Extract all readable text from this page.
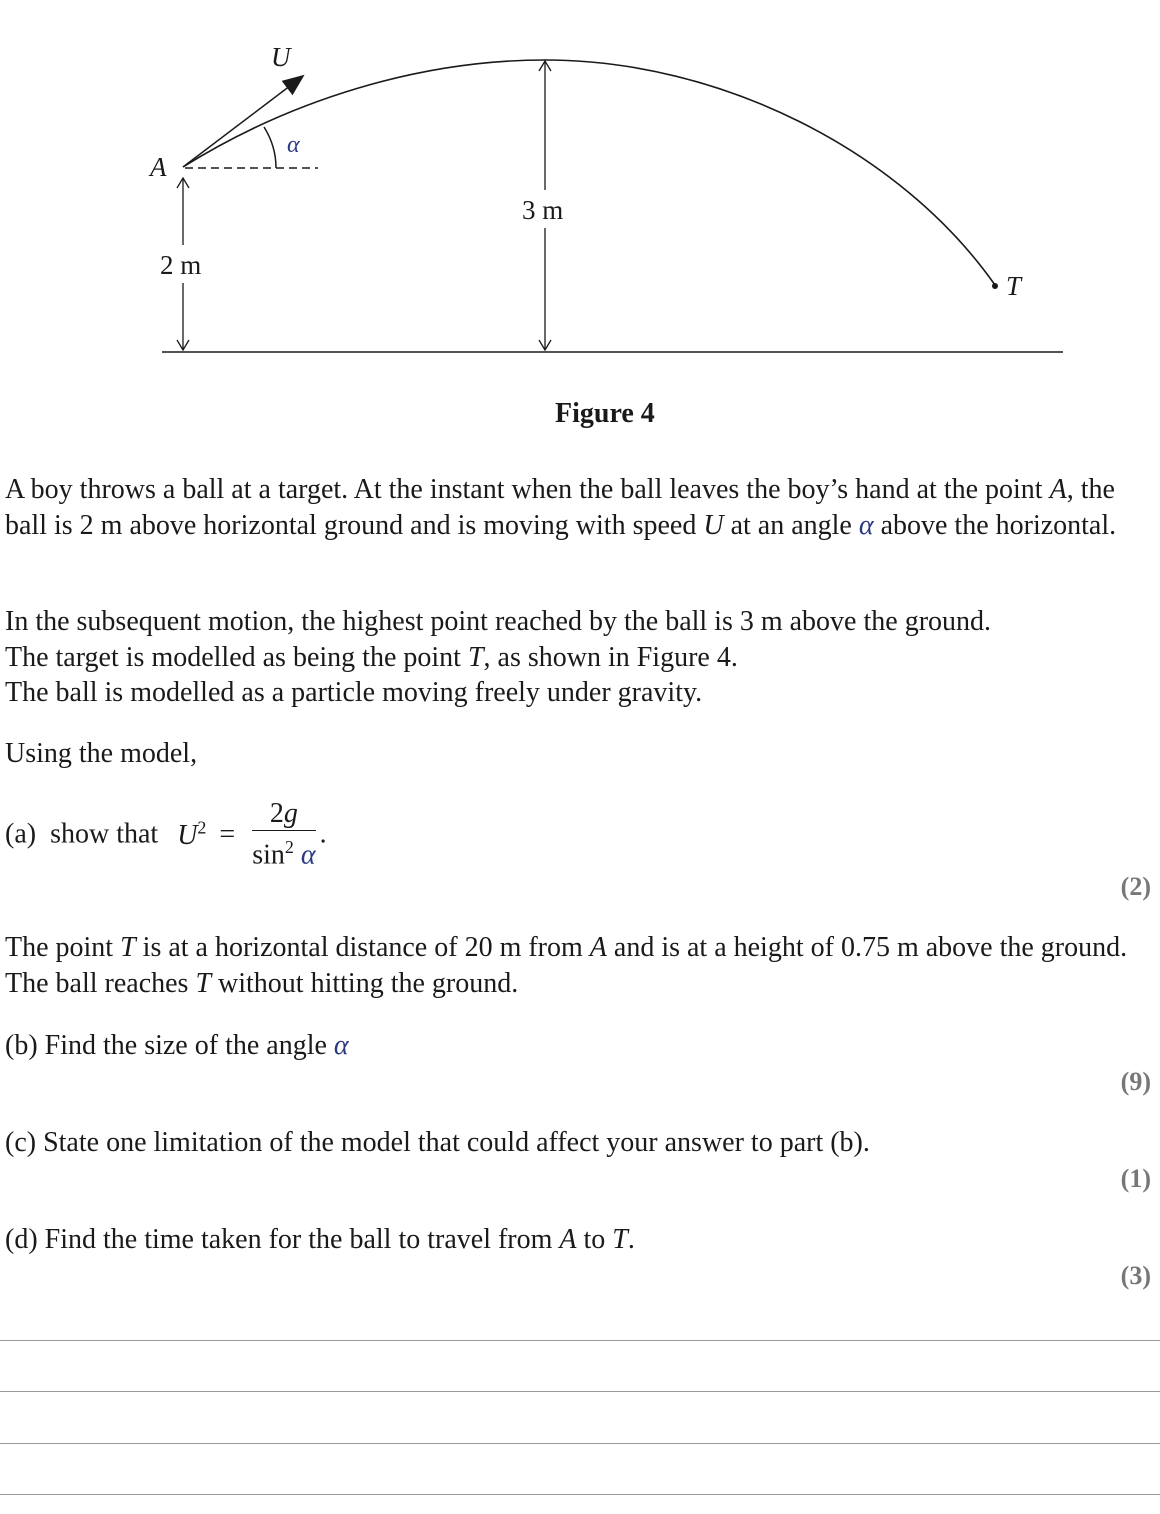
A
U
α
T
2 m
3 m
Figure 4
A boy throws a ball at a target. At the instant when the ball leaves the boy’s hand at the point A, the ball is 2 m above horizontal ground and is moving with speed U at an angle α above the horizontal.
In the subsequent motion, the highest point reached by the ball is 3 m above the ground.
The target is modelled as being the point T, as shown in Figure 4.
The ball is modelled as a particle moving freely under gravity.
Using the model,
(a)  show that $U^2 = \frac{2g}{\sin^2 \alpha}$ .
(2)
The point T is at a horizontal distance of 20 m from A and is at a height of 0.75 m above the ground. The ball reaches T without hitting the ground.
(b) Find the size of the angle α
(9)
(c) State one limitation of the model that could affect your answer to part (b).
(1)
(d) Find the time taken for the ball to travel from A to T.
(3)
